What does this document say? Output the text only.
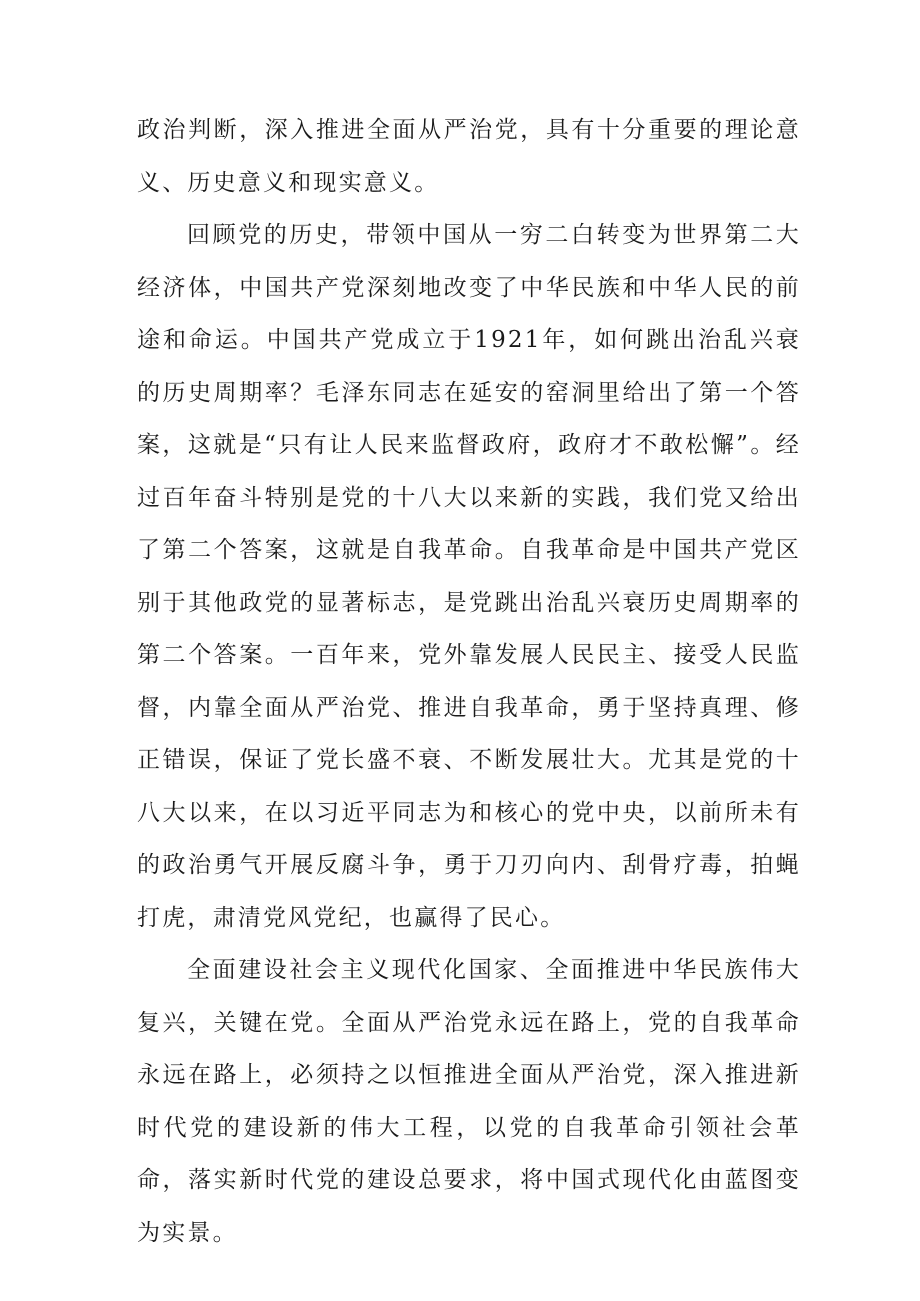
政治判断，深入推进全面从严治党，具有十分重要的理论意义、历史意义和现实意义。

回顾党的历史，带领中国从一穷二白转变为世界第二大经济体，中国共产党深刻地改变了中华民族和中华人民的前途和命运。中国共产党成立于1921年，如何跳出治乱兴衰的历史周期率？毛泽东同志在延安的窑洞里给出了第一个答案，这就是“只有让人民来监督政府，政府才不敢松懈”。经过百年奋斗特别是党的十八大以来新的实践，我们党又给出了第二个答案，这就是自我革命。自我革命是中国共产党区别于其他政党的显著标志，是党跳出治乱兴衰历史周期率的第二个答案。一百年来，党外靠发展人民民主、接受人民监督，内靠全面从严治党、推进自我革命，勇于坚持真理、修正错误，保证了党长盛不衰、不断发展壮大。尤其是党的十八大以来，在以习近平同志为和核心的党中央，以前所未有的政治勇气开展反腐斗争，勇于刀刃向内、刮骨疗毒，拍蝇打虎，肃清党风党纪，也赢得了民心。

全面建设社会主义现代化国家、全面推进中华民族伟大复兴，关键在党。全面从严治党永远在路上，党的自我革命永远在路上，必须持之以恒推进全面从严治党，深入推进新时代党的建设新的伟大工程，以党的自我革命引领社会革命，落实新时代党的建设总要求，将中国式现代化由蓝图变为实景。
